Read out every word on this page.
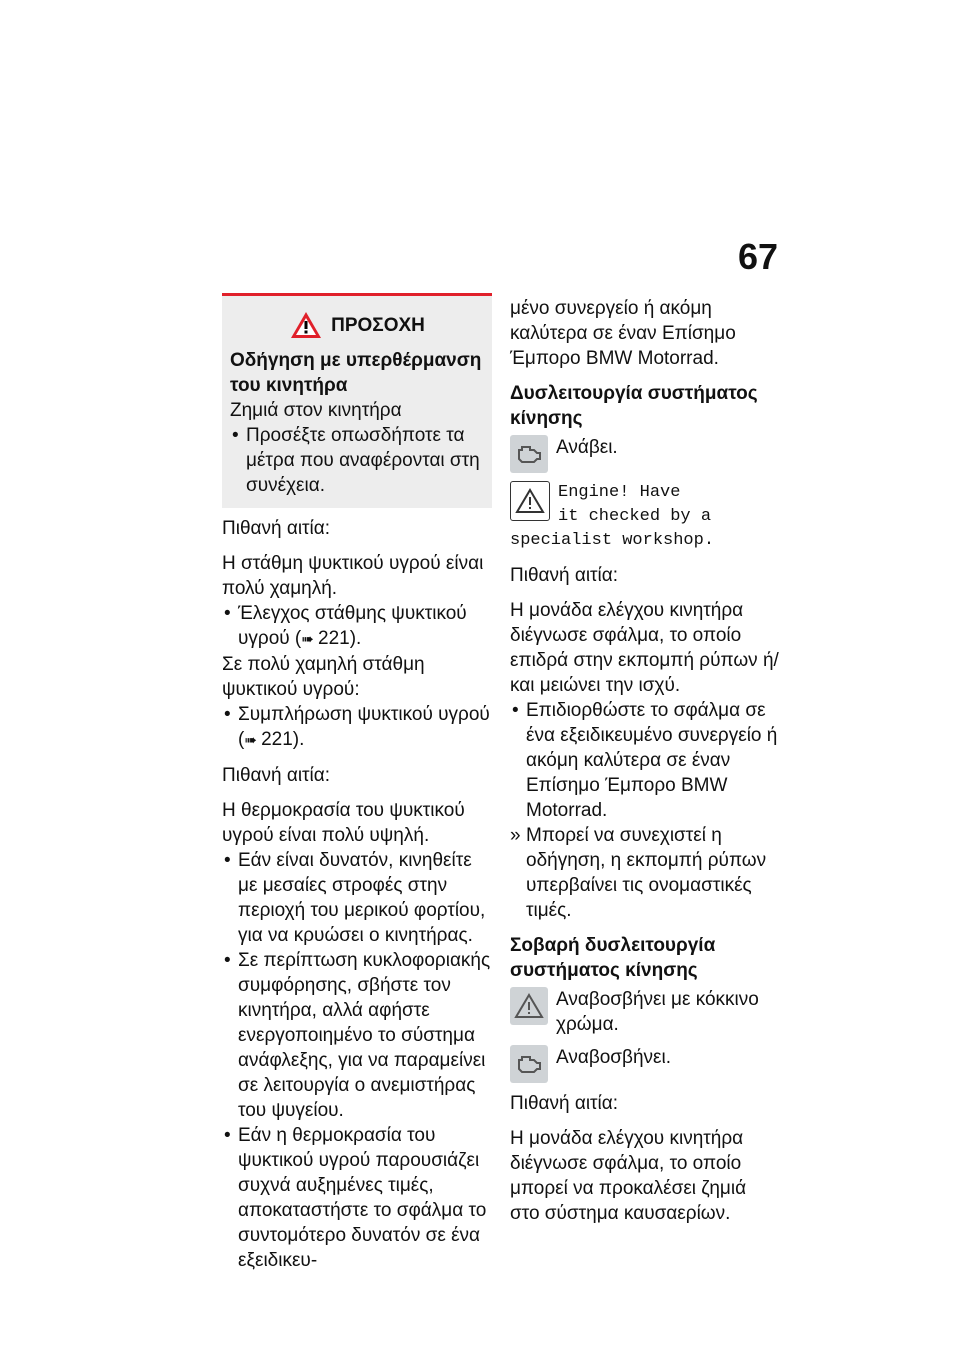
67
ΠΡΟΣΟΧΗ

Οδήγηση με υπερθέρμανση του κινητήρα

Ζημιά στον κινητήρα

• Προσέξτε οπωσδήποτε τα μέτρα που αναφέρονται στη συνέχεια.

Πιθανή αιτία:

Η στάθμη ψυκτικού υγρού είναι πολύ χαμηλή.

• Έλεγχος στάθμης ψυκτικού υγρού (➠ 221).

Σε πολύ χαμηλή στάθμη ψυκτικού υγρού:

• Συμπλήρωση ψυκτικού υγρού (➠ 221).

Πιθανή αιτία:

Η θερμοκρασία του ψυκτικού υγρού είναι πολύ υψηλή.

• Εάν είναι δυνατόν, κινηθείτε με μεσαίες στροφές στην περιοχή του μερικού φορτίου, για να κρυώσει ο κινητήρας.
• Σε περίπτωση κυκλοφοριακής συμφόρησης, σβήστε τον κινητήρα, αλλά αφήστε ενεργοποιημένο το σύστημα ανάφλεξης, για να παραμείνει σε λειτουργία ο ανεμιστήρας του ψυγείου.
• Εάν η θερμοκρασία του ψυκτικού υγρού παρουσιάζει συχνά αυξημένες τιμές, αποκαταστήστε το σφάλμα το συντομότερο δυνατόν σε ένα εξειδικευ-

μένο συνεργείο ή ακόμη καλύτερα σε έναν Επίσημο Έμπορο BMW Motorrad.

Δυσλειτουργία συστήματος κίνησης

Ανάβει.
Engine! Have
it checked by a
specialist workshop.

Πιθανή αιτία:

Η μονάδα ελέγχου κινητήρα διέγνωσε σφάλμα, το οποίο επιδρά στην εκπομπή ρύπων ή/και μειώνει την ισχύ.

• Επιδιορθώστε το σφάλμα σε ένα εξειδικευμένο συνεργείο ή ακόμη καλύτερα σε έναν Επίσημο Έμπορο BMW Motorrad.
» Μπορεί να συνεχιστεί η οδήγηση, η εκπομπή ρύπων υπερβαίνει τις ονομαστικές τιμές.

Σοβαρή δυσλειτουργία συστήματος κίνησης

Αναβοσβήνει με κόκκινο χρώμα.
Αναβοσβήνει.

Πιθανή αιτία:

Η μονάδα ελέγχου κινητήρα διέγνωσε σφάλμα, το οποίο μπορεί να προκαλέσει ζημιά στο σύστημα καυσαερίων.
